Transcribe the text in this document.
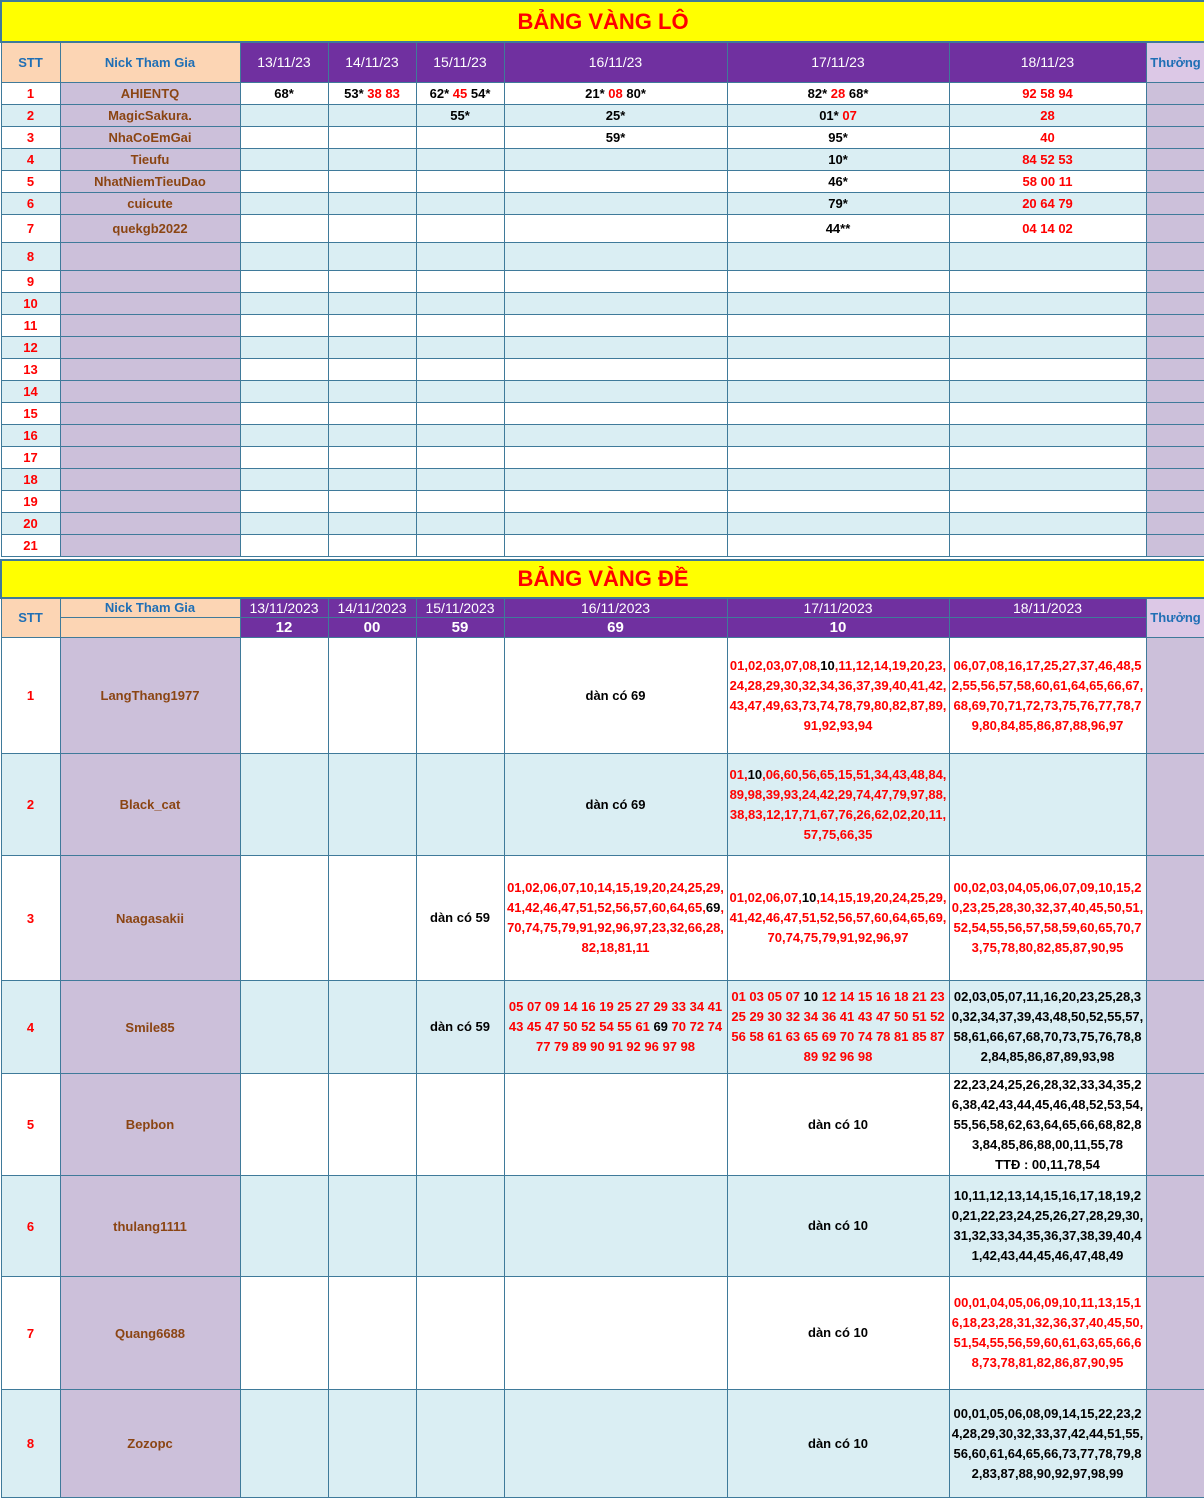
BẢNG VÀNG LÔ								
STT	Nick Tham Gia	13/11/23	14/11/23	15/11/23	16/11/23	17/11/23	18/11/23	Thưởng
1	AHIENTQ	68*	53* 38 83	62* 45 54*	21* 08 80*	82* 28 68*	92 58 94	
2	MagicSakura.			55*	25*	01* 07	28	
3	NhaCoEmGai				59*	95*	40	
4	Tieufu					10*	84 52 53	
5	NhatNiemTieuDao					46*	58 00 11	
6	cuicute					79*	20 64 79	
7	quekgb2022					44**	04 14 02	
8								
9								
10								
11								
12								
13								
14								
15								
16								
17								
18								
19								
20								
21								

BẢNG VÀNG ĐỀ								
STT	Nick Tham Gia	13/11/2023	14/11/2023	15/11/2023	16/11/2023	17/11/2023	18/11/2023	Thưởng
		12	00	59	69	10		
1	LangThang1977				dàn có 69	01,02,03,07,08,10,11,12,14,19,20,23,24,28,29,30,32,34,36,37,39,40,41,42,43,47,49,63,73,74,78,79,80,82,87,89,91,92,93,94	06,07,08,16,17,25,27,37,46,48,52,55,56,57,58,60,61,64,65,66,67,68,69,70,71,72,73,75,76,77,78,79,80,84,85,86,87,88,96,97	
2	Black_cat				dàn có 69	01,10,06,60,56,65,15,51,34,43,48,84,89,98,39,93,24,42,29,74,47,79,97,88,38,83,12,17,71,67,76,26,62,02,20,11,57,75,66,35		
3	Naagasakii			dàn có 59	01,02,06,07,10,14,15,19,20,24,25,29,41,42,46,47,51,52,56,57,60,64,65,69,70,74,75,79,91,92,96,97,23,32,66,28,82,18,81,11	01,02,06,07,10,14,15,19,20,24,25,29,41,42,46,47,51,52,56,57,60,64,65,69,70,74,75,79,91,92,96,97	00,02,03,04,05,06,07,09,10,15,20,23,25,28,30,32,37,40,45,50,51,52,54,55,56,57,58,59,60,65,70,73,75,78,80,82,85,87,90,95	
4	Smile85			dàn có 59	05 07 09 14 16 19 25 27 29 33 34 41 43 45 47 50 52 54 55 61 69 70 72 74 77 79 89 90 91 92 96 97 98	01 03 05 07 10 12 14 15 16 18 21 23 25 29 30 32 34 36 41 43 47 50 51 52 56 58 61 63 65 69 70 74 78 81 85 87 89 92 96 98	02,03,05,07,11,16,20,23,25,28,30,32,34,37,39,43,48,50,52,55,57,58,61,66,67,68,70,73,75,76,78,82,84,85,86,87,89,93,98	
5	Bepbon					dàn có 10	22,23,24,25,26,28,32,33,34,35,26,38,42,43,44,45,46,48,52,53,54,55,56,58,62,63,64,65,66,68,82,83,84,85,86,88,00,11,55,78
TTĐ : 00,11,78,54	
6	thulang1111					dàn có 10	10,11,12,13,14,15,16,17,18,19,20,21,22,23,24,25,26,27,28,29,30,31,32,33,34,35,36,37,38,39,40,41,42,43,44,45,46,47,48,49	
7	Quang6688					dàn có 10	00,01,04,05,06,09,10,11,13,15,16,18,23,28,31,32,36,37,40,45,50,51,54,55,56,59,60,61,63,65,66,68,73,78,81,82,86,87,90,95	
8	Zozopc					dàn có 10	00,01,05,06,08,09,14,15,22,23,24,28,29,30,32,33,37,42,44,51,55,56,60,61,64,65,66,73,77,78,79,82,83,87,88,90,92,97,98,99	
